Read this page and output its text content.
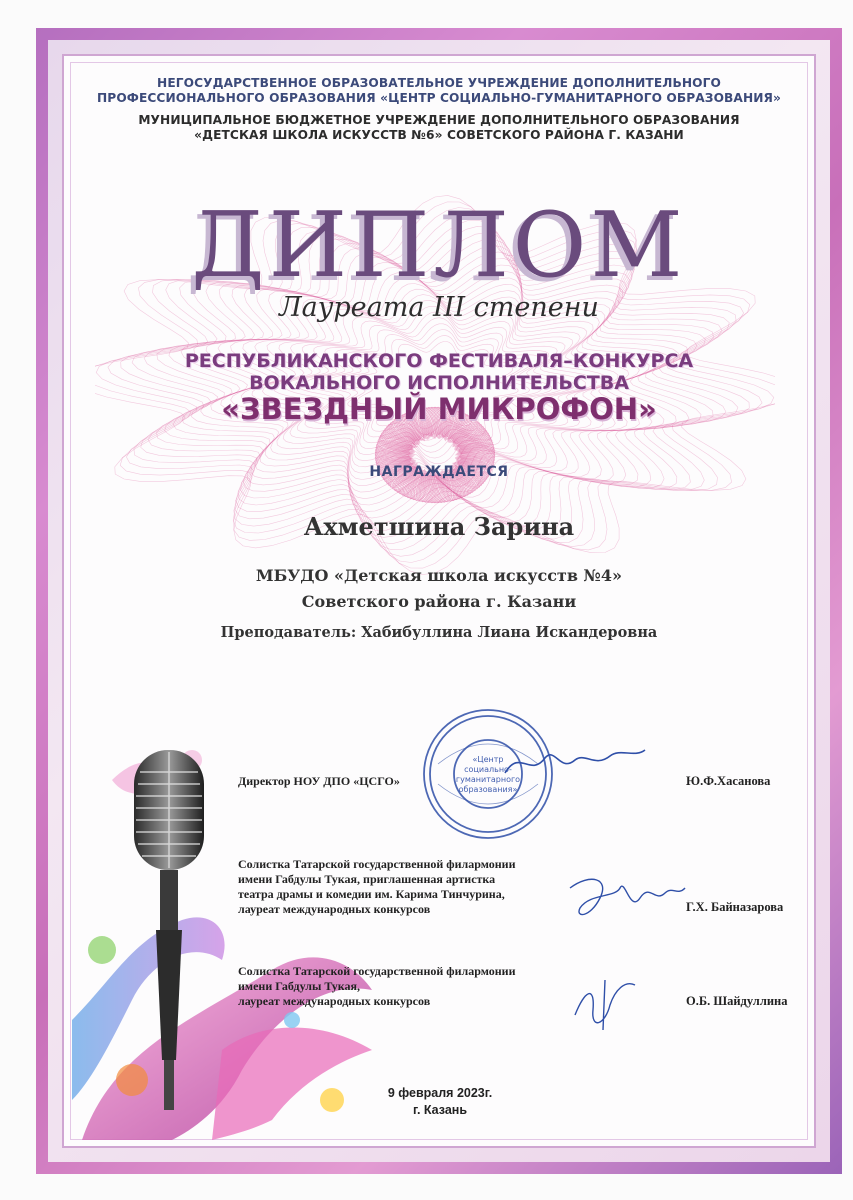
НЕГОСУДАРСТВЕННОЕ ОБРАЗОВАТЕЛЬНОЕ УЧРЕЖДЕНИЕ ДОПОЛНИТЕЛЬНОГО
ПРОФЕССИОНАЛЬНОГО ОБРАЗОВАНИЯ «ЦЕНТР СОЦИАЛЬНО-ГУМАНИТАРНОГО ОБРАЗОВАНИЯ»
МУНИЦИПАЛЬНОЕ БЮДЖЕТНОЕ УЧРЕЖДЕНИЕ ДОПОЛНИТЕЛЬНОГО ОБРАЗОВАНИЯ
«ДЕТСКАЯ ШКОЛА ИСКУССТВ №6» СОВЕТСКОГО РАЙОНА Г. КАЗАНИ
ДИПЛОМ
Лауреата III степени
РЕСПУБЛИКАНСКОГО ФЕСТИВАЛЯ–КОНКУРСА
ВОКАЛЬНОГО ИСПОЛНИТЕЛЬСТВА
«ЗВЕЗДНЫЙ МИКРОФОН»
НАГРАЖДАЕТСЯ
Ахметшина Зарина
МБУДО «Детская школа искусств №4»
Советского района г. Казани
Преподаватель: Хабибуллина Лиана Искандеровна
«Центр
социально-
гуманитарного
образования»
Директор НОУ ДПО «ЦСГО»	Ю.Ф.Хасанова
Солистка Татарской государственной филармонии
имени Габдулы Тукая, приглашенная артистка
театра драмы и комедии им. Карима Тинчурина,
лауреат международных конкурсов	Г.Х. Байназарова
Солистка Татарской государственной филармонии
имени Габдулы Тукая,
лауреат международных конкурсов	О.Б. Шайдуллина
9 февраля 2023г.
г. Казань
